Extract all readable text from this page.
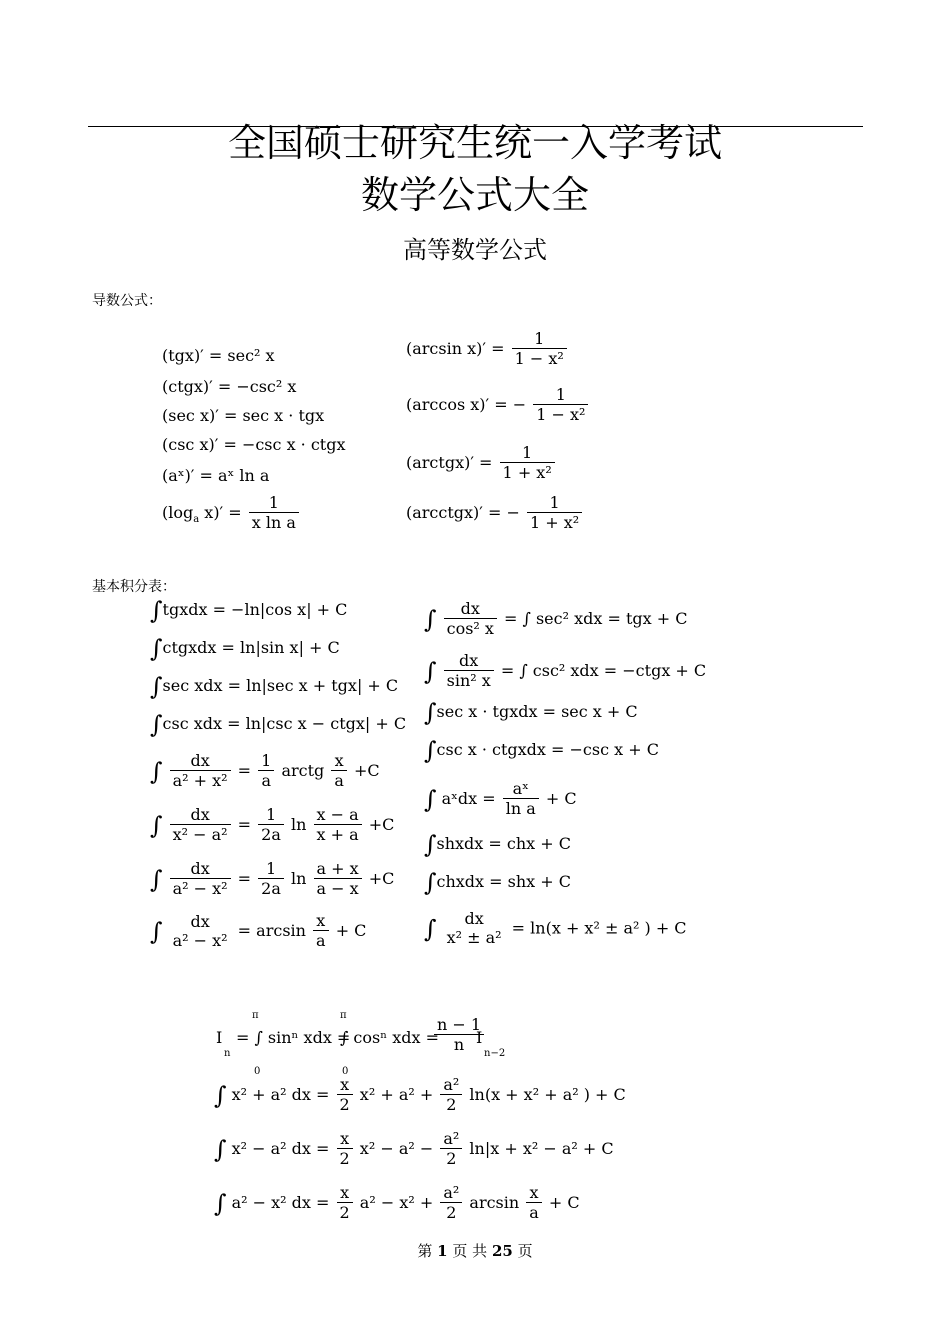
全国硕士研究生统一入学考试
数学公式大全
高等数学公式
导数公式：
(tgx)′ = sec² x
(ctgx)′ = −csc² x
(sec x)′ = sec x · tgx
(csc x)′ = −csc x · ctgx
(aˣ)′ = aˣ ln a
($\log_a$ $x)' = \frac{1}{\text{x ln a}}$
(arcsin $x)' = \frac{1}{\text{1 − x²}}$
(arccos x)′ = − $\frac{1}{\text{1 − x²}}$
(arctgx)′ = $\frac{1}{\text{1 + x²}}$
(arcctgx)′ = − $\frac{1}{\text{1 + x²}}$
基本积分表：
∫tgxdx = −ln|cos x| + C
∫ctgxdx = ln|sin x| + C
∫sec xdx = ln|sec x + tgx| + C
∫csc xdx = ln|csc x − ctgx| + C
∫ $\frac{dx}{\text{a² + x²}} = \frac{1}{a}$ arctg $\frac{x}{a} +C$
∫ $\frac{dx}{\text{x² − a²}} = \frac{1}{2a}$ $\ln \frac{x - a}{x + a} +C$
∫ $\frac{dx}{\text{a² − x²}} = \frac{1}{2a}$ $\ln \frac{a + x}{a - x} +C$
∫	dx
$a^2 - x^2 = \arcsin \frac{x}{a} + C$
∫ $\frac{dx}{\text{cos² x}}$ = ∫ sec² xdx = tgx + C
∫ $\frac{dx}{\text{sin² x}}$ = ∫ csc² xdx = −ctgx + C
∫sec x · tgxdx = sec x + C
∫csc x · ctgxdx = −csc x + C
∫ aˣdx = $\frac{\text{aˣ}}{\text{ln a}} + C$
∫shxdx = chx + C
∫chxdx = shx + C
∫	dx
x² ± a² = ln(x + x² ± a² ) + C
I
n
π
0
= ∫ sinⁿ xdx =
π
0
∫ cosⁿ xdx =
$\frac{n - 1}{n}$
I
n−2
∫ x² + a² dx = $\frac{x}{2} x^2 + a^2 + \frac{\text{a²}}{2} \ln(x + x^2 + a^2$ ) + C
∫ x² − a² dx = $\frac{x}{2} x^2 - a^2 - \frac{\text{a²}}{2} \ln|x + x^2 - a^2 + C$
∫ a² − x² dx = $\frac{x}{2} a^2 - x^2 + \frac{\text{a²}}{2}$ $\arcsin \frac{x}{a} + C$
第 1 页 共 25 页
